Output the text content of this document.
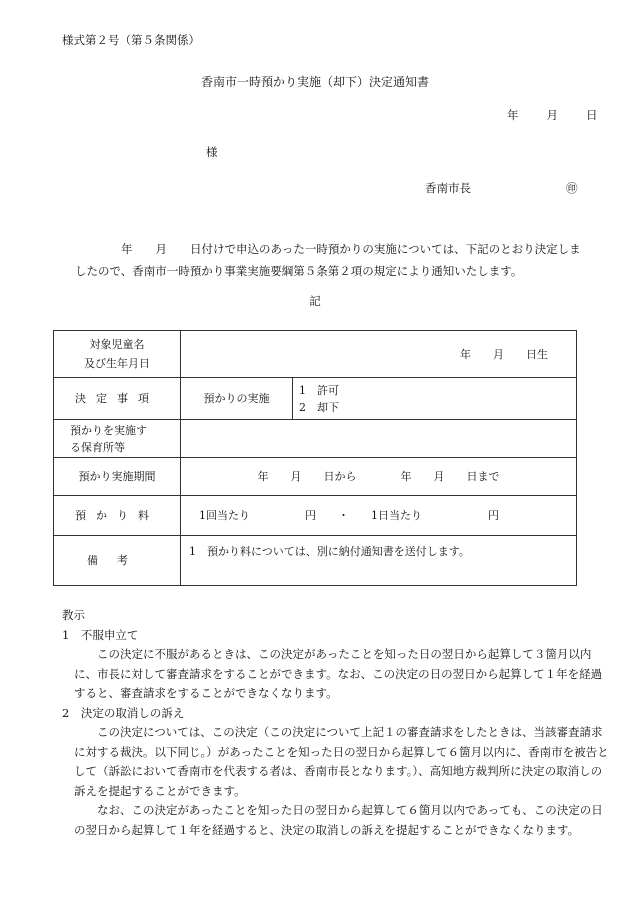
様式第２号（第５条関係）
香南市一時預かり実施（却下）決定通知書
年 月 日
様
香南市長	㊞
年　　月　　日付けで申込のあった一時預かりの実施については、下記のとおり決定しましたので、香南市一時預かり事業実施要綱第５条第２項の規定により通知いたします。
記
対象児童名
及び生年月日	年　　月　　日生	
決定事項	預かりの実施	1　許可
2　却下

預かりを実施す
る保育所等		

預かり実施期間	年　　月　　日から　　　　年　　月　　日まで	
預かり料	1回当たり　　　　　円　　・　　1日当たり　　　　　　円	
備考	1　預かり料については、別に納付通知書を送付します。	

教示

1　不服申立て

この決定に不服があるときは、この決定があったことを知った日の翌日から起算して３箇月以内に、市長に対して審査請求をすることができます。なお、この決定の日の翌日から起算して１年を経過すると、審査請求をすることができなくなります。

2　決定の取消しの訴え

この決定については、この決定（この決定について上記１の審査請求をしたときは、当該審査請求に対する裁決。以下同じ。）があったことを知った日の翌日から起算して６箇月以内に、香南市を被告として（訴訟において香南市を代表する者は、香南市長となります。）、高知地方裁判所に決定の取消しの訴えを提起することができます。

なお、この決定があったことを知った日の翌日から起算して６箇月以内であっても、この決定の日の翌日から起算して１年を経過すると、決定の取消しの訴えを提起することができなくなります。
